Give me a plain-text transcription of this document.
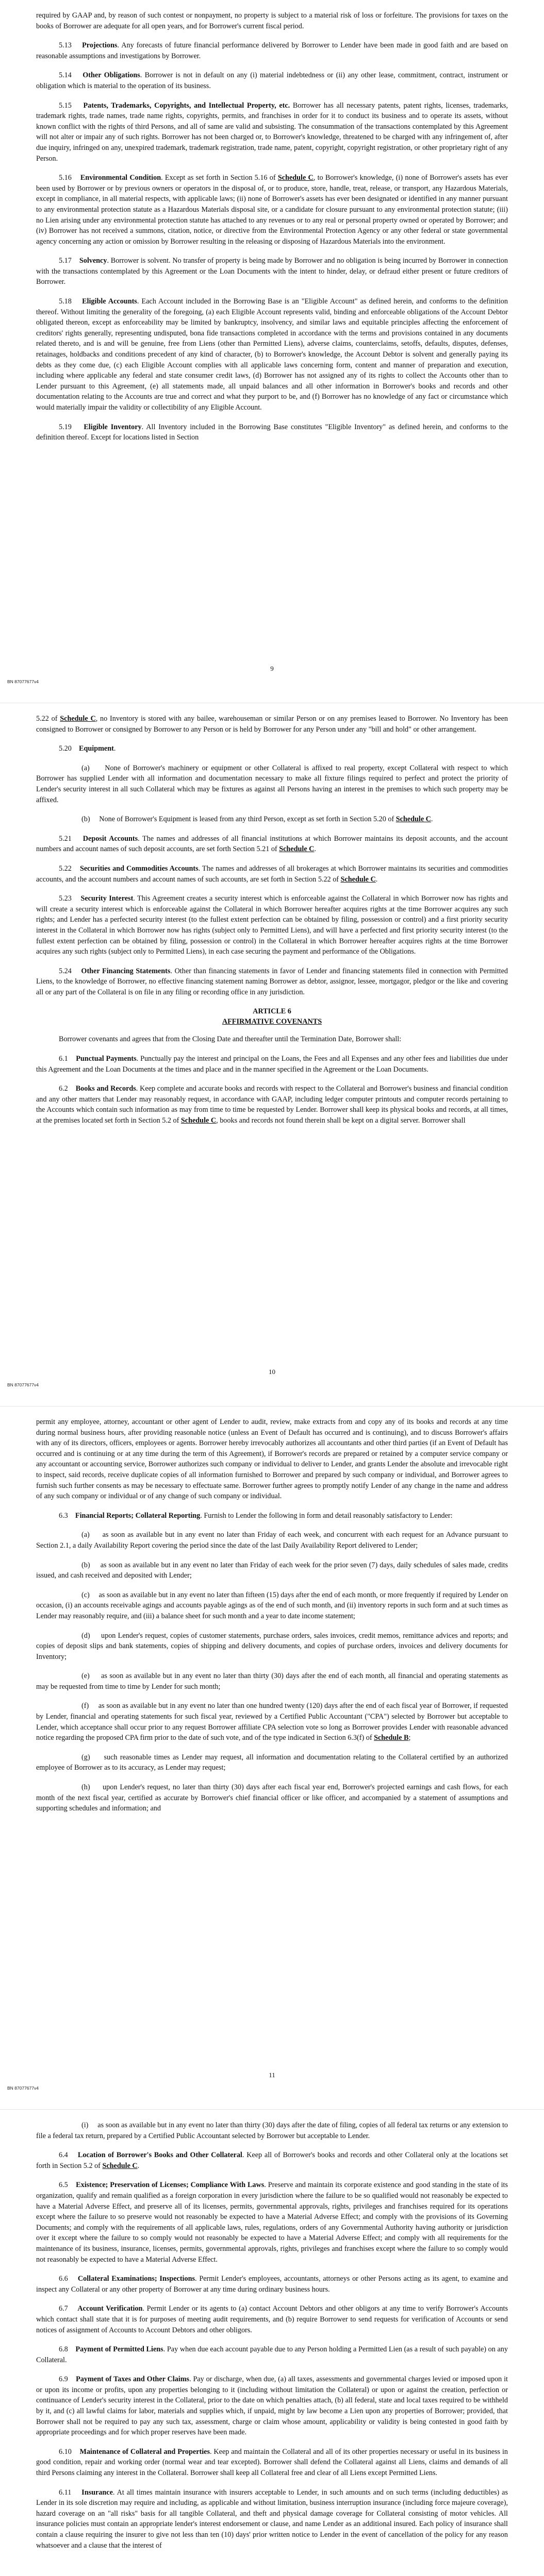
required by GAAP and, by reason of such contest or nonpayment, no property is subject to a material risk of loss or forfeiture. The provisions for taxes on the books of Borrower are adequate for all open years, and for Borrower's current fiscal period.

5.13    Projections. Any forecasts of future financial performance delivered by Borrower to Lender have been made in good faith and are based on reasonable assumptions and investigations by Borrower.

5.14    Other Obligations. Borrower is not in default on any (i) material indebtedness or (ii) any other lease, commitment, contract, instrument or obligation which is material to the operation of its business.

5.15    Patents, Trademarks, Copyrights, and Intellectual Property, etc. Borrower has all necessary patents, patent rights, licenses, trademarks, trademark rights, trade names, trade name rights, copyrights, permits, and franchises in order for it to conduct its business and to operate its assets, without known conflict with the rights of third Persons, and all of same are valid and subsisting. The consummation of the transactions contemplated by this Agreement will not alter or impair any of such rights. Borrower has not been charged or, to Borrower's knowledge, threatened to be charged with any infringement of, after due inquiry, infringed on any, unexpired trademark, trademark registration, trade name, patent, copyright, copyright registration, or other proprietary right of any Person.

5.16    Environmental Condition. Except as set forth in Section 5.16 of Schedule C, to Borrower's knowledge, (i) none of Borrower's assets has ever been used by Borrower or by previous owners or operators in the disposal of, or to produce, store, handle, treat, release, or transport, any Hazardous Materials, except in compliance, in all material respects, with applicable laws; (ii) none of Borrower's assets has ever been designated or identified in any manner pursuant to any environmental protection statute as a Hazardous Materials disposal site, or a candidate for closure pursuant to any environmental protection statute; (iii) no Lien arising under any environmental protection statute has attached to any revenues or to any real or personal property owned or operated by Borrower; and (iv) Borrower has not received a summons, citation, notice, or directive from the Environmental Protection Agency or any other federal or state governmental agency concerning any action or omission by Borrower resulting in the releasing or disposing of Hazardous Materials into the environment.

5.17    Solvency. Borrower is solvent. No transfer of property is being made by Borrower and no obligation is being incurred by Borrower in connection with the transactions contemplated by this Agreement or the Loan Documents with the intent to hinder, delay, or defraud either present or future creditors of Borrower.

5.18    Eligible Accounts. Each Account included in the Borrowing Base is an "Eligible Account" as defined herein, and conforms to the definition thereof. Without limiting the generality of the foregoing, (a) each Eligible Account represents valid, binding and enforceable obligations of the Account Debtor obligated thereon, except as enforceability may be limited by bankruptcy, insolvency, and similar laws and equitable principles affecting the enforcement of creditors' rights generally, representing undisputed, bona fide transactions completed in accordance with the terms and provisions contained in any documents related thereto, and is and will be genuine, free from Liens (other than Permitted Liens), adverse claims, counterclaims, setoffs, defaults, disputes, defenses, retainages, holdbacks and conditions precedent of any kind of character, (b) to Borrower's knowledge, the Account Debtor is solvent and generally paying its debts as they come due, (c) each Eligible Account complies with all applicable laws concerning form, content and manner of preparation and execution, including where applicable any federal and state consumer credit laws, (d) Borrower has not assigned any of its rights to collect the Accounts other than to Lender pursuant to this Agreement, (e) all statements made, all unpaid balances and all other information in Borrower's books and records and other documentation relating to the Accounts are true and correct and what they purport to be, and (f) Borrower has no knowledge of any fact or circumstance which would materially impair the validity or collectibility of any Eligible Account.

5.19    Eligible Inventory. All Inventory included in the Borrowing Base constitutes "Eligible Inventory" as defined herein, and conforms to the definition thereof. Except for locations listed in Section

9
BN 87077677v4

5.22 of Schedule C, no Inventory is stored with any bailee, warehouseman or similar Person or on any premises leased to Borrower. No Inventory has been consigned to Borrower or consigned by Borrower to any Person or is held by Borrower for any Person under any "bill and hold" or other arrangement.

5.20    Equipment.

(a)     None of Borrower's machinery or equipment or other Collateral is affixed to real property, except Collateral with respect to which Borrower has supplied Lender with all information and documentation necessary to make all fixture filings required to perfect and protect the priority of Lender's security interest in all such Collateral which may be fixtures as against all Persons having an interest in the premises to which such property may be affixed.

(b)     None of Borrower's Equipment is leased from any third Person, except as set forth in Section 5.20 of Schedule C.

5.21    Deposit Accounts. The names and addresses of all financial institutions at which Borrower maintains its deposit accounts, and the account numbers and account names of such deposit accounts, are set forth Section 5.21 of Schedule C.

5.22    Securities and Commodities Accounts. The names and addresses of all brokerages at which Borrower maintains its securities and commodities accounts, and the account numbers and account names of such accounts, are set forth in Section 5.22 of Schedule C.

5.23    Security Interest. This Agreement creates a security interest which is enforceable against the Collateral in which Borrower now has rights and will create a security interest which is enforceable against the Collateral in which Borrower hereafter acquires rights at the time Borrower acquires any such rights; and Lender has a perfected security interest (to the fullest extent perfection can be obtained by filing, possession or control) and a first priority security interest in the Collateral in which Borrower now has rights (subject only to Permitted Liens), and will have a perfected and first priority security interest (to the fullest extent perfection can be obtained by filing, possession or control) in the Collateral in which Borrower hereafter acquires rights at the time Borrower acquires any such rights (subject only to Permitted Liens), in each case securing the payment and performance of the Obligations.

5.24    Other Financing Statements. Other than financing statements in favor of Lender and financing statements filed in connection with Permitted Liens, to the knowledge of Borrower, no effective financing statement naming Borrower as debtor, assignor, lessee, mortgagor, pledgor or the like and covering all or any part of the Collateral is on file in any filing or recording office in any jurisdiction.

ARTICLE 6

AFFIRMATIVE COVENANTS

Borrower covenants and agrees that from the Closing Date and thereafter until the Termination Date, Borrower shall:

6.1    Punctual Payments. Punctually pay the interest and principal on the Loans, the Fees and all Expenses and any other fees and liabilities due under this Agreement and the Loan Documents at the times and place and in the manner specified in the Agreement or the Loan Documents.

6.2    Books and Records. Keep complete and accurate books and records with respect to the Collateral and Borrower's business and financial condition and any other matters that Lender may reasonably request, in accordance with GAAP, including ledger computer printouts and computer records pertaining to the Accounts which contain such information as may from time to time be requested by Lender. Borrower shall keep its physical books and records, at all times, at the premises located set forth in Section 5.2 of Schedule C, books and records not found therein shall be kept on a digital server. Borrower shall

10
BN 87077677v4

permit any employee, attorney, accountant or other agent of Lender to audit, review, make extracts from and copy any of its books and records at any time during normal business hours, after providing reasonable notice (unless an Event of Default has occurred and is continuing), and to discuss Borrower's affairs with any of its directors, officers, employees or agents. Borrower hereby irrevocably authorizes all accountants and other third parties (if an Event of Default has occurred and is continuing or at any time during the term of this Agreement), if Borrower's records are prepared or retained by a computer service company or any accountant or accounting service, Borrower authorizes such company or individual to deliver to Lender, and grants Lender the absolute and irrevocable right to inspect, said records, receive duplicate copies of all information furnished to Borrower and prepared by such company or individual, and Borrower agrees to furnish such further consents as may be necessary to effectuate same. Borrower further agrees to promptly notify Lender of any change in the name and address of any such company or individual or of any change of such company or individual.

6.3    Financial Reports; Collateral Reporting. Furnish to Lender the following in form and detail reasonably satisfactory to Lender:

(a)     as soon as available but in any event no later than Friday of each week, and concurrent with each request for an Advance pursuant to Section 2.1, a daily Availability Report covering the period since the date of the last Daily Availability Report delivered to Lender;

(b)     as soon as available but in any event no later than Friday of each week for the prior seven (7) days, daily schedules of sales made, credits issued, and cash received and deposited with Lender;

(c)     as soon as available but in any event no later than fifteen (15) days after the end of each month, or more frequently if required by Lender on occasion, (i) an accounts receivable agings and accounts payable agings as of the end of such month, and (ii) inventory reports in such form and at such times as Lender may reasonably require, and (iii) a balance sheet for such month and a year to date income statement;

(d)     upon Lender's request, copies of customer statements, purchase orders, sales invoices, credit memos, remittance advices and reports; and copies of deposit slips and bank statements, copies of shipping and delivery documents, and copies of purchase orders, invoices and delivery documents for Inventory;

(e)     as soon as available but in any event no later than thirty (30) days after the end of each month, all financial and operating statements as may be requested from time to time by Lender for such month;

(f)     as soon as available but in any event no later than one hundred twenty (120) days after the end of each fiscal year of Borrower, if requested by Lender, financial and operating statements for such fiscal year, reviewed by a Certified Public Accountant ("CPA") selected by Borrower but acceptable to Lender, which acceptance shall occur prior to any request Borrower affiliate CPA selection vote so long as Borrower provides Lender with reasonable advanced notice regarding the proposed CPA firm prior to the date of such vote, and of the type indicated in Section 6.3(f) of Schedule B;

(g)     such reasonable times as Lender may request, all information and documentation relating to the Collateral certified by an authorized employee of Borrower as to its accuracy, as Lender may request;

(h)     upon Lender's request, no later than thirty (30) days after each fiscal year end, Borrower's projected earnings and cash flows, for each month of the next fiscal year, certified as accurate by Borrower's chief financial officer or like officer, and accompanied by a statement of assumptions and supporting schedules and information; and

11
BN 87077677v4

(i)     as soon as available but in any event no later than thirty (30) days after the date of filing, copies of all federal tax returns or any extension to file a federal tax return, prepared by a Certified Public Accountant selected by Borrower but acceptable to Lender.

6.4    Location of Borrower's Books and Other Collateral. Keep all of Borrower's books and records and other Collateral only at the locations set forth in Section 5.2 of Schedule C.

6.5    Existence; Preservation of Licenses; Compliance With Laws. Preserve and maintain its corporate existence and good standing in the state of its organization, qualify and remain qualified as a foreign corporation in every jurisdiction where the failure to be so qualified would not reasonably be expected to have a Material Adverse Effect, and preserve all of its licenses, permits, governmental approvals, rights, privileges and franchises required for its operations except where the failure to so preserve would not reasonably be expected to have a Material Adverse Effect; and comply with the provisions of its Governing Documents; and comply with the requirements of all applicable laws, rules, regulations, orders of any Governmental Authority having authority or jurisdiction over it except where the failure to so comply would not reasonably be expected to have a Material Adverse Effect; and comply with all requirements for the maintenance of its business, insurance, licenses, permits, governmental approvals, rights, privileges and franchises except where the failure to so comply would not reasonably be expected to have a Material Adverse Effect.

6.6    Collateral Examinations; Inspections. Permit Lender's employees, accountants, attorneys or other Persons acting as its agent, to examine and inspect any Collateral or any other property of Borrower at any time during ordinary business hours.

6.7    Account Verification. Permit Lender or its agents to (a) contact Account Debtors and other obligors at any time to verify Borrower's Accounts which contact shall state that it is for purposes of meeting audit requirements, and (b) require Borrower to send requests for verification of Accounts or send notices of assignment of Accounts to Account Debtors and other obligors.

6.8    Payment of Permitted Liens. Pay when due each account payable due to any Person holding a Permitted Lien (as a result of such payable) on any Collateral.

6.9    Payment of Taxes and Other Claims. Pay or discharge, when due, (a) all taxes, assessments and governmental charges levied or imposed upon it or upon its income or profits, upon any properties belonging to it (including without limitation the Collateral) or upon or against the creation, perfection or continuance of Lender's security interest in the Collateral, prior to the date on which penalties attach, (b) all federal, state and local taxes required to be withheld by it, and (c) all lawful claims for labor, materials and supplies which, if unpaid, might by law become a Lien upon any properties of Borrower; provided, that Borrower shall not be required to pay any such tax, assessment, charge or claim whose amount, applicability or validity is being contested in good faith by appropriate proceedings and for which proper reserves have been made.

6.10    Maintenance of Collateral and Properties. Keep and maintain the Collateral and all of its other properties necessary or useful in its business in good condition, repair and working order (normal wear and tear excepted). Borrower shall defend the Collateral against all Liens, claims and demands of all third Persons claiming any interest in the Collateral. Borrower shall keep all Collateral free and clear of all Liens except Permitted Liens.

6.11    Insurance. At all times maintain insurance with insurers acceptable to Lender, in such amounts and on such terms (including deductibles) as Lender in its sole discretion may require and including, as applicable and without limitation, business interruption insurance (including force majeure coverage), hazard coverage on an "all risks" basis for all tangible Collateral, and theft and physical damage coverage for Collateral consisting of motor vehicles. All insurance policies must contain an appropriate lender's interest endorsement or clause, and name Lender as an additional insured. Each policy of insurance shall contain a clause requiring the insurer to give not less than ten (10) days' prior written notice to Lender in the event of cancellation of the policy for any reason whatsoever and a clause that the interest of
